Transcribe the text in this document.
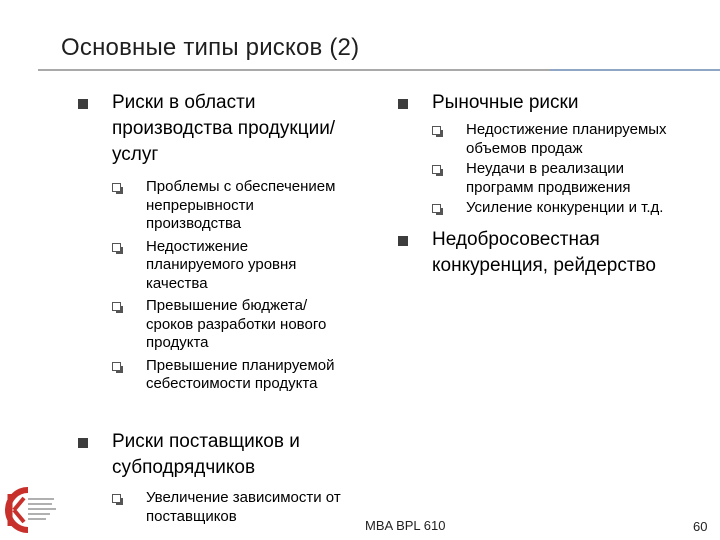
Основные типы рисков (2)
Риски в области
производства продукции/
услуг
Проблемы с обеспечением
непрерывности
производства
Недостижение
планируемого уровня
качества
Превышение бюджета/
сроков разработки нового
продукта
Превышение планируемой
себестоимости продукта
Риски поставщиков и
субподрядчиков
Увеличение зависимости от
поставщиков
Рыночные риски
Недостижение планируемых
объемов продаж
Неудачи в реализации
программ продвижения
Усиление конкуренции и т.д.
Недобросовестная
конкуренция, рейдерство
MBA BPL 610	60
